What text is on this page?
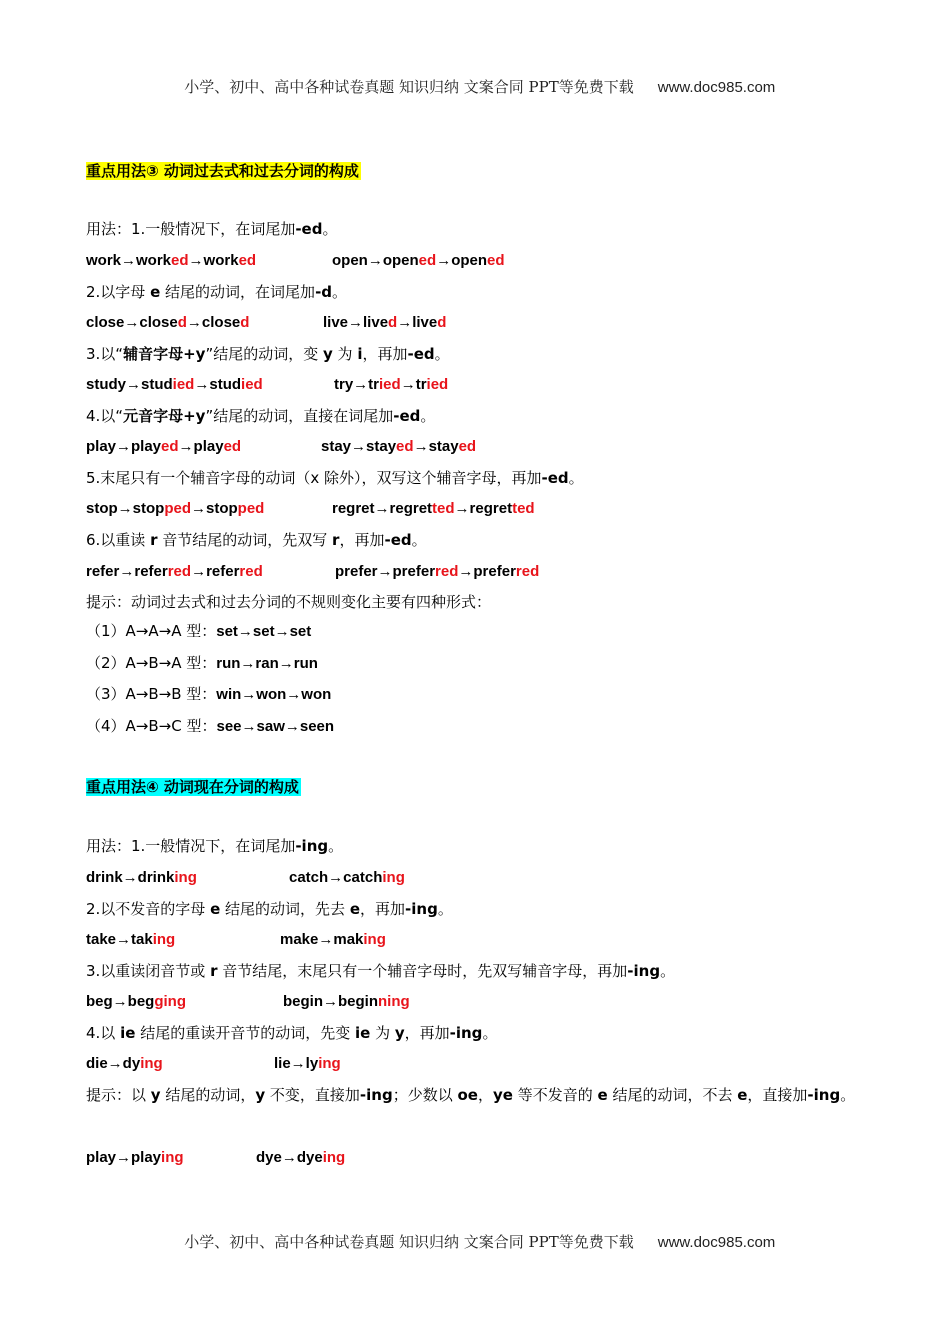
小学、初中、高中各种试卷真题 知识归纳 文案合同 PPT等免费下载 www.doc985.com

重点用法③ 动词过去式和过去分词的构成
用法：1.一般情况下，在词尾加-ed。
work→worked→worked	open→opened→opened
2.以字母 e 结尾的动词，在词尾加-d。
close→closed→closed	live→lived→lived
3.以“辅音字母+y”结尾的动词，变 y 为 i，再加-ed。
study→studied→studied	try→tried→tried
4.以“元音字母+y”结尾的动词，直接在词尾加-ed。
play→played→played	stay→stayed→stayed
5.末尾只有一个辅音字母的动词（x 除外），双写这个辅音字母，再加-ed。
stop→stopped→stopped	regret→regretted→regretted
6.以重读 r 音节结尾的动词，先双写 r，再加-ed。
refer→referred→referred	prefer→preferred→preferred
提示：动词过去式和过去分词的不规则变化主要有四种形式：
（1）A→A→A 型：set→set→set
（2）A→B→A 型：run→ran→run
（3）A→B→B 型：win→won→won
（4）A→B→C 型：see→saw→seen
重点用法④ 动词现在分词的构成
用法：1.一般情况下，在词尾加-ing。
drink→drinking	catch→catching
2.以不发音的字母 e 结尾的动词，先去 e，再加-ing。
take→taking	make→making
3.以重读闭音节或 r 音节结尾，末尾只有一个辅音字母时，先双写辅音字母，再加-ing。
beg→begging	begin→beginning
4.以 ie 结尾的重读开音节的动词，先变 ie 为 y，再加-ing。
die→dying	lie→lying
提示：以 y 结尾的动词，y 不变，直接加-ing；少数以 oe，ye 等不发音的 e 结尾的动词，不去 e，直接加-ing。
play→playing	dye→dyeing

小学、初中、高中各种试卷真题 知识归纳 文案合同 PPT等免费下载 www.doc985.com
